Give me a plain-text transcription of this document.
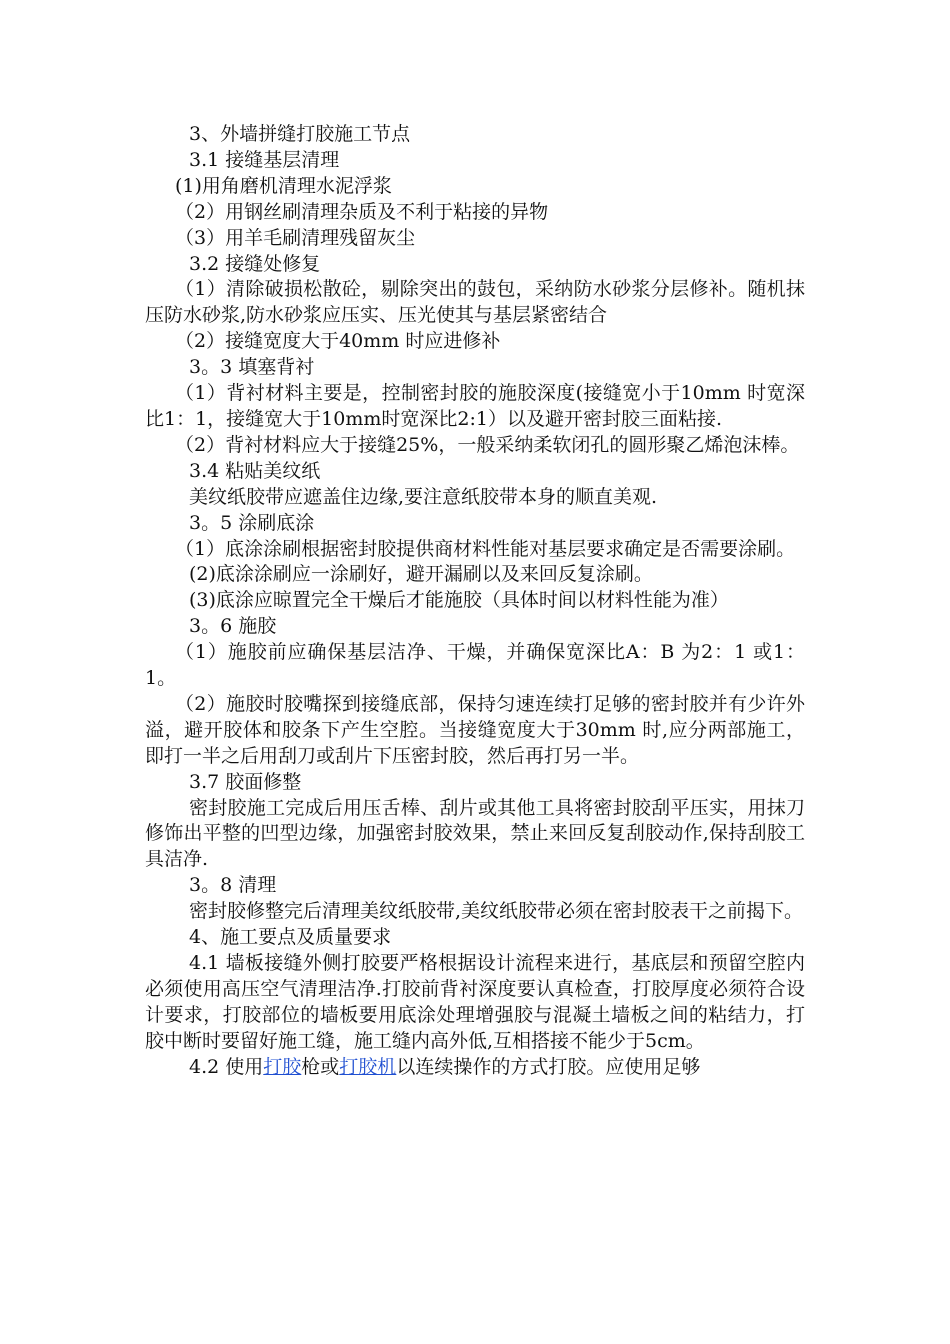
3、外墙拼缝打胶施工节点

3.1 接缝基层清理

(1)用角磨机清理水泥浮浆

（2）用钢丝刷清理杂质及不利于粘接的异物

（3）用羊毛刷清理残留灰尘

3.2 接缝处修复

（1）清除破损松散砼，剔除突出的鼓包，采纳防水砂浆分层修补。随机抹压防水砂浆,防水砂浆应压实、压光使其与基层紧密结合

（2）接缝宽度大于40mm 时应进修补

3。3 填塞背衬

（1）背衬材料主要是，控制密封胶的施胶深度(接缝宽小于10mm 时宽深比1：1，接缝宽大于10mm时宽深比2:1）以及避开密封胶三面粘接.

（2）背衬材料应大于接缝25%，一般采纳柔软闭孔的圆形聚乙烯泡沫棒。

3.4 粘贴美纹纸

美纹纸胶带应遮盖住边缘,要注意纸胶带本身的顺直美观.

3。5 涂刷底涂

（1）底涂涂刷根据密封胶提供商材料性能对基层要求确定是否需要涂刷。

(2)底涂涂刷应一涂刷好，避开漏刷以及来回反复涂刷。

(3)底涂应晾置完全干燥后才能施胶（具体时间以材料性能为准）

3。6 施胶

（1）施胶前应确保基层洁净、干燥，并确保宽深比A：B 为2：1 或1：1。

（2）施胶时胶嘴探到接缝底部，保持匀速连续打足够的密封胶并有少许外溢，避开胶体和胶条下产生空腔。当接缝宽度大于30mm 时,应分两部施工，即打一半之后用刮刀或刮片下压密封胶，然后再打另一半。

3.7 胶面修整

密封胶施工完成后用压舌棒、刮片或其他工具将密封胶刮平压实，用抹刀修饰出平整的凹型边缘，加强密封胶效果，禁止来回反复刮胶动作,保持刮胶工具洁净.

3。8 清理

密封胶修整完后清理美纹纸胶带,美纹纸胶带必须在密封胶表干之前揭下。

4、施工要点及质量要求

4.1 墙板接缝外侧打胶要严格根据设计流程来进行，基底层和预留空腔内必须使用高压空气清理洁净.打胶前背衬深度要认真检查，打胶厚度必须符合设计要求，打胶部位的墙板要用底涂处理增强胶与混凝土墙板之间的粘结力，打胶中断时要留好施工缝，施工缝内高外低,互相搭接不能少于5cm。

4.2 使用打胶枪或打胶机以连续操作的方式打胶。应使用足够
